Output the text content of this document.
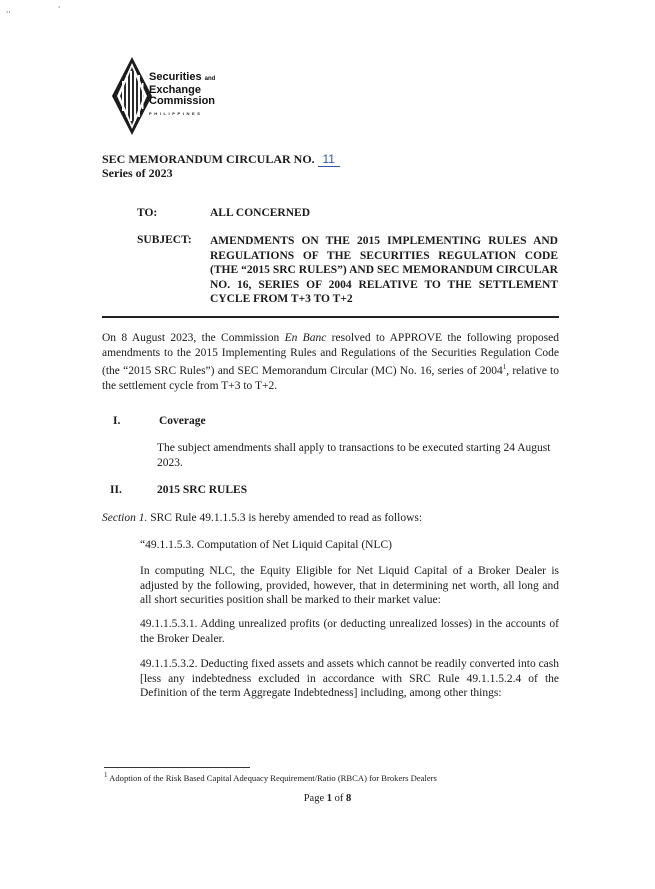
ꞌꞌ
ꞌ
Securities and
Exchange
Commission
PHILIPPINES
SEC MEMORANDUM CIRCULAR NO. 11
Series of 2023
TO:	ALL CONCERNED
SUBJECT: AMENDMENTS ON THE 2015 IMPLEMENTING RULES AND REGULATIONS OF THE SECURITIES REGULATION CODE (THE “2015 SRC RULES”) AND SEC MEMORANDUM CIRCULAR NO. 16, SERIES OF 2004 RELATIVE TO THE SETTLEMENT CYCLE FROM T+3 TO T+2
On 8 August 2023, the Commission En Banc resolved to APPROVE the following proposed amendments to the 2015 Implementing Rules and Regulations of the Securities Regulation Code (the “2015 SRC Rules”) and SEC Memorandum Circular (MC) No. 16, series of 2004$^1$, relative to the settlement cycle from T+3 to T+2.
I.	Coverage
The subject amendments shall apply to transactions to be executed starting 24 August 2023.
II.	2015 SRC RULES
Section 1. SRC Rule 49.1.1.5.3 is hereby amended to read as follows:
“49.1.1.5.3. Computation of Net Liquid Capital (NLC)
In computing NLC, the Equity Eligible for Net Liquid Capital of a Broker Dealer is adjusted by the following, provided, however, that in determining net worth, all long and all short securities position shall be marked to their market value:
49.1.1.5.3.1. Adding unrealized profits (or deducting unrealized losses) in the accounts of the Broker Dealer.
49.1.1.5.3.2. Deducting fixed assets and assets which cannot be readily converted into cash [less any indebtedness excluded in accordance with SRC Rule 49.1.1.5.2.4 of the Definition of the term Aggregate Indebtedness] including, among other things:
$^1$ Adoption of the Risk Based Capital Adequacy Requirement/Ratio (RBCA) for Brokers Dealers
Page 1 of 8
